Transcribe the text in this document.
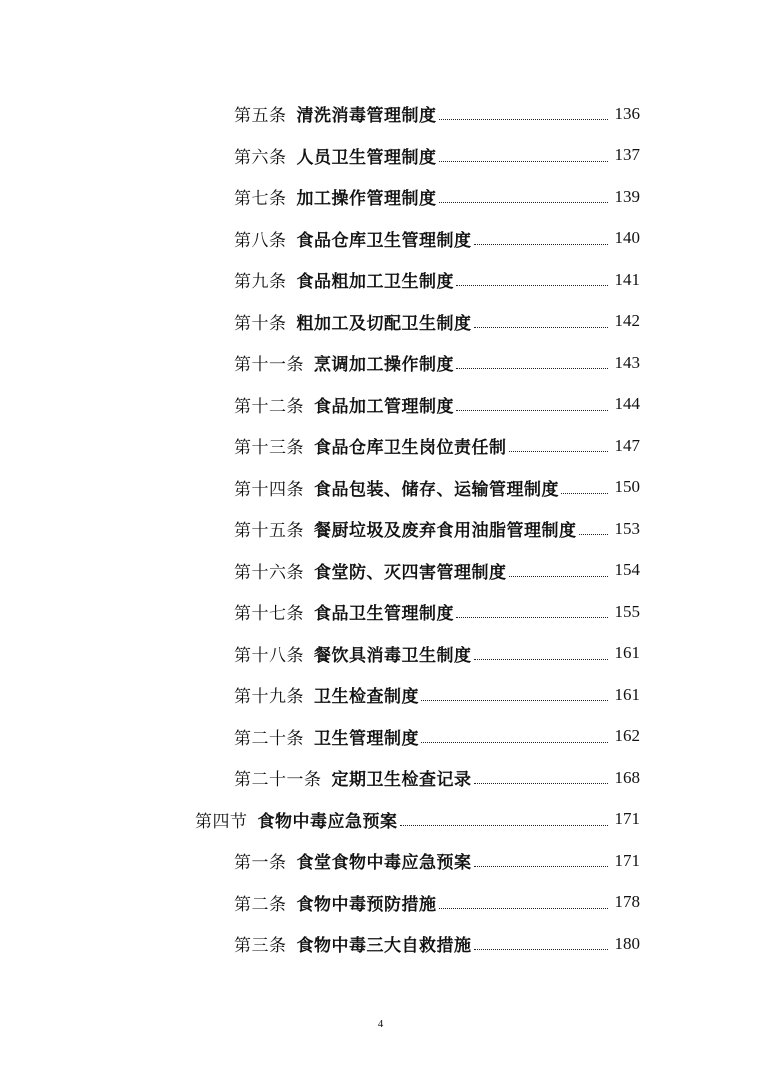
第五条 清洗消毒管理制度	136
第六条 人员卫生管理制度	137
第七条 加工操作管理制度	139
第八条 食品仓库卫生管理制度	140
第九条 食品粗加工卫生制度	141
第十条 粗加工及切配卫生制度	142
第十一条 烹调加工操作制度	143
第十二条 食品加工管理制度	144
第十三条 食品仓库卫生岗位责任制	147
第十四条 食品包装、储存、运输管理制度	150
第十五条 餐厨垃圾及废弃食用油脂管理制度 153
第十六条 食堂防、灭四害管理制度	154
第十七条 食品卫生管理制度	155
第十八条 餐饮具消毒卫生制度	161
第十九条 卫生检查制度	161
第二十条 卫生管理制度	162
第二十一条 定期卫生检查记录	168
第四节 食物中毒应急预案	171
第一条 食堂食物中毒应急预案	171
第二条 食物中毒预防措施	178
第三条 食物中毒三大自救措施	180
4
